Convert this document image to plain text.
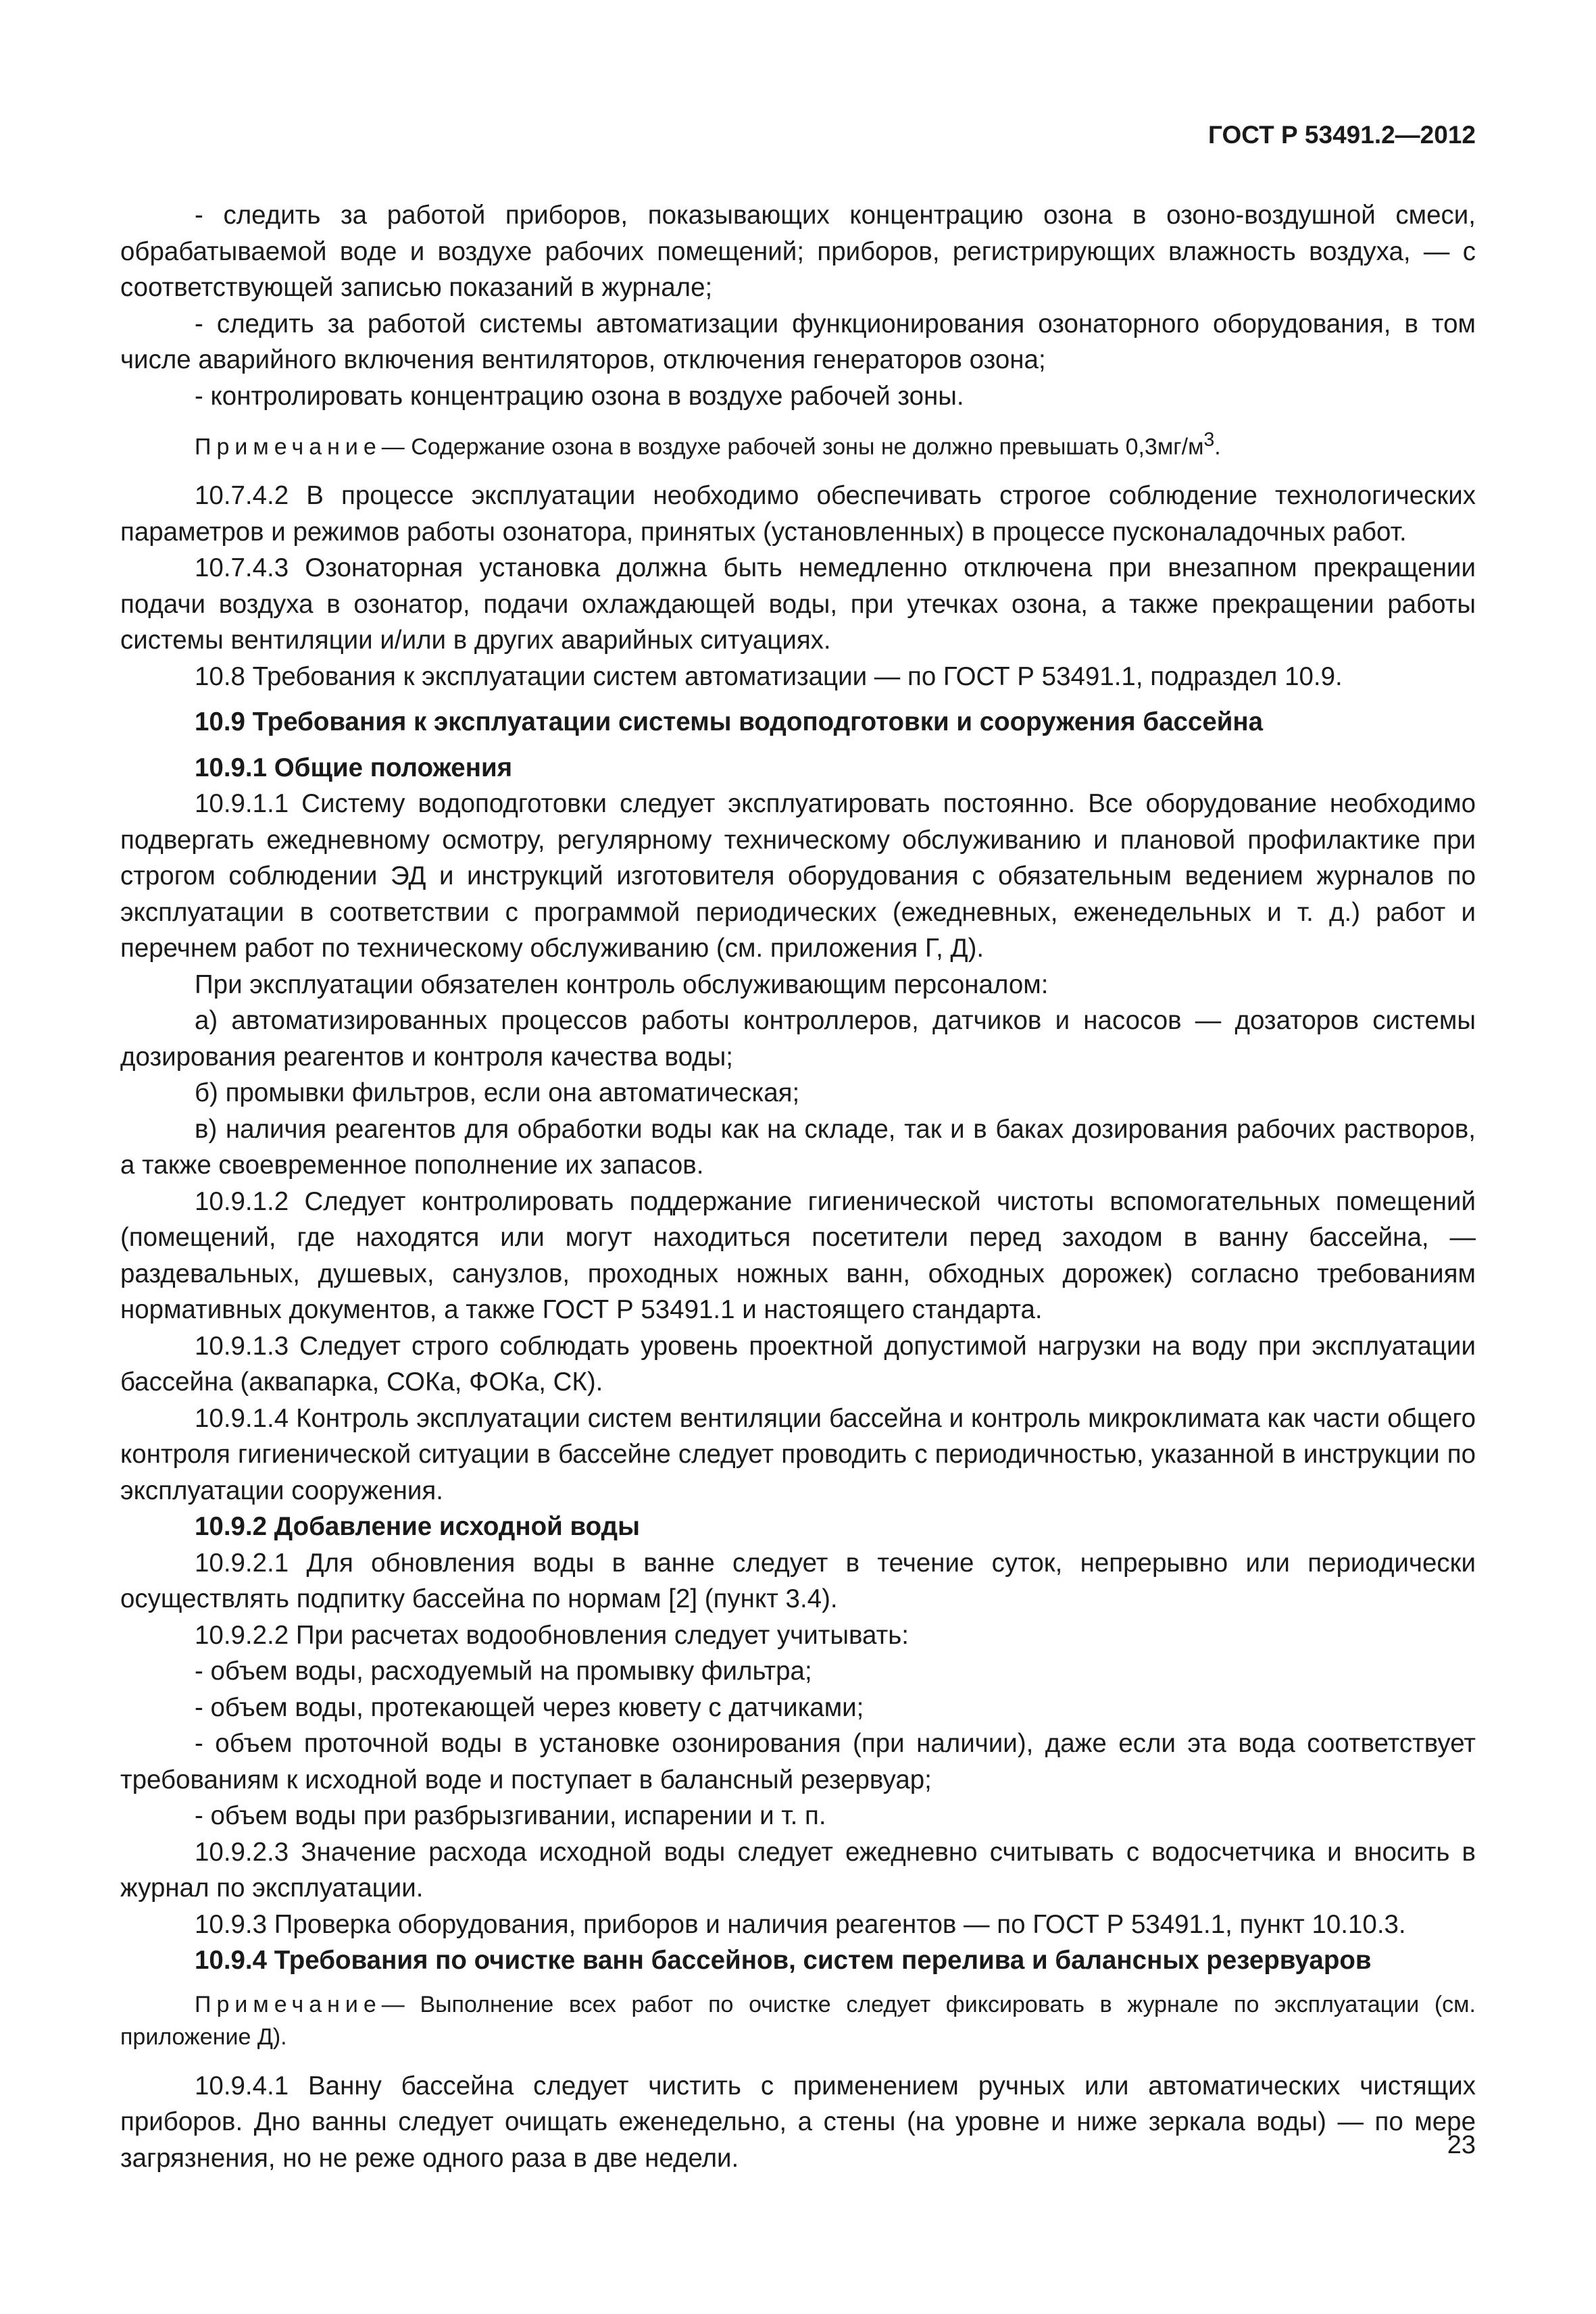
ГОСТ Р 53491.2—2012

- следить за работой приборов, показывающих концентрацию озона в озоно-воздушной смеси, обрабатываемой воде и воздухе рабочих помещений; приборов, регистрирующих влажность воздуха, — с соответствующей записью показаний в журнале;

- следить за работой системы автоматизации функционирования озонаторного оборудования, в том числе аварийного включения вентиляторов, отключения генераторов озона;

- контролировать концентрацию озона в воздухе рабочей зоны.

Примечание— Содержание озона в воздухе рабочей зоны не должно превышать $0,3мг/м^3$.

10.7.4.2 В процессе эксплуатации необходимо обеспечивать строгое соблюдение технологических параметров и режимов работы озонатора, принятых (установленных) в процессе пусконаладочных работ.

10.7.4.3 Озонаторная установка должна быть немедленно отключена при внезапном прекращении подачи воздуха в озонатор, подачи охлаждающей воды, при утечках озона, а также прекращении работы системы вентиляции и/или в других аварийных ситуациях.

10.8 Требования к эксплуатации систем автоматизации — по ГОСТ Р 53491.1, подраздел 10.9.

10.9 Требования к эксплуатации системы водоподготовки и сооружения бассейна

10.9.1 Общие положения

10.9.1.1 Систему водоподготовки следует эксплуатировать постоянно. Все оборудование необходимо подвергать ежедневному осмотру, регулярному техническому обслуживанию и плановой профилактике при строгом соблюдении ЭД и инструкций изготовителя оборудования с обязательным ведением журналов по эксплуатации в соответствии с программой периодических (ежедневных, еженедельных и т. д.) работ и перечнем работ по техническому обслуживанию (см. приложения Г, Д).

При эксплуатации обязателен контроль обслуживающим персоналом:

а) автоматизированных процессов работы контроллеров, датчиков и насосов — дозаторов системы дозирования реагентов и контроля качества воды;

б) промывки фильтров, если она автоматическая;

в) наличия реагентов для обработки воды как на складе, так и в баках дозирования рабочих растворов, а также своевременное пополнение их запасов.

10.9.1.2 Следует контролировать поддержание гигиенической чистоты вспомогательных помещений (помещений, где находятся или могут находиться посетители перед заходом в ванну бассейна, — раздевальных, душевых, санузлов, проходных ножных ванн, обходных дорожек) согласно требованиям нормативных документов, а также ГОСТ Р 53491.1 и настоящего стандарта.

10.9.1.3 Следует строго соблюдать уровень проектной допустимой нагрузки на воду при эксплуатации бассейна (аквапарка, СОКа, ФОКа, СК).

10.9.1.4 Контроль эксплуатации систем вентиляции бассейна и контроль микроклимата как части общего контроля гигиенической ситуации в бассейне следует проводить с периодичностью, указанной в инструкции по эксплуатации сооружения.

10.9.2 Добавление исходной воды

10.9.2.1 Для обновления воды в ванне следует в течение суток, непрерывно или периодически осуществлять подпитку бассейна по нормам [2] (пункт 3.4).

10.9.2.2 При расчетах водообновления следует учитывать:

- объем воды, расходуемый на промывку фильтра;

- объем воды, протекающей через кювету с датчиками;

- объем проточной воды в установке озонирования (при наличии), даже если эта вода соответствует требованиям к исходной воде и поступает в балансный резервуар;

- объем воды при разбрызгивании, испарении и т. п.

10.9.2.3 Значение расхода исходной воды следует ежедневно считывать с водосчетчика и вносить в журнал по эксплуатации.

10.9.3 Проверка оборудования, приборов и наличия реагентов — по ГОСТ Р 53491.1, пункт 10.10.3.

10.9.4 Требования по очистке ванн бассейнов, систем перелива и балансных резервуаров

Примечание— Выполнение всех работ по очистке следует фиксировать в журнале по эксплуатации (см. приложение Д).

10.9.4.1 Ванну бассейна следует чистить с применением ручных или автоматических чистящих приборов. Дно ванны следует очищать еженедельно, а стены (на уровне и ниже зеркала воды) — по мере загрязнения, но не реже одного раза в две недели.	23
